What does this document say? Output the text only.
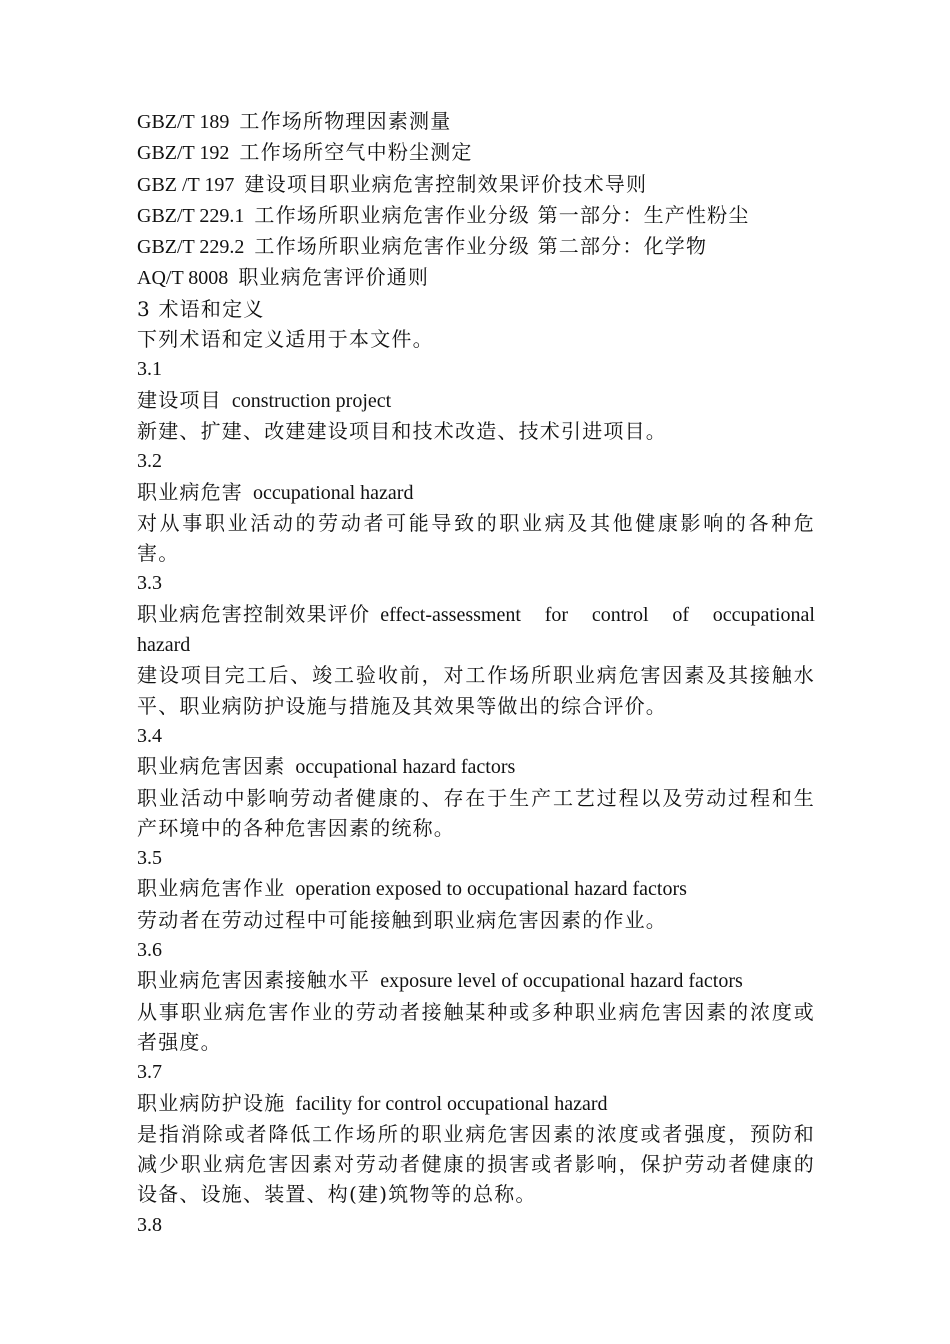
GBZ/T 189 工作场所物理因素测量

GBZ/T 192 工作场所空气中粉尘测定

GBZ /T 197 建设项目职业病危害控制效果评价技术导则

GBZ/T 229.1 工作场所职业病危害作业分级 第一部分：生产性粉尘

GBZ/T 229.2 工作场所职业病危害作业分级 第二部分：化学物

AQ/T 8008 职业病危害评价通则

3 术语和定义

下列术语和定义适用于本文件。

3.1

建设项目 construction project

新建、扩建、改建建设项目和技术改造、技术引进项目。

3.2

职业病危害 occupational hazard

对从事职业活动的劳动者可能导致的职业病及其他健康影响的各种危害。

3.3

职业病危害控制效果评价 effect-assessment for control of occupational

hazard

建设项目完工后、竣工验收前，对工作场所职业病危害因素及其接触水平、职业病防护设施与措施及其效果等做出的综合评价。

3.4

职业病危害因素 occupational hazard factors

职业活动中影响劳动者健康的、存在于生产工艺过程以及劳动过程和生产环境中的各种危害因素的统称。

3.5

职业病危害作业 operation exposed to occupational hazard factors

劳动者在劳动过程中可能接触到职业病危害因素的作业。

3.6

职业病危害因素接触水平 exposure level of occupational hazard factors

从事职业病危害作业的劳动者接触某种或多种职业病危害因素的浓度或者强度。

3.7

职业病防护设施 facility for control occupational hazard

是指消除或者降低工作场所的职业病危害因素的浓度或者强度，预防和减少职业病危害因素对劳动者健康的损害或者影响，保护劳动者健康的设备、设施、装置、构(建)筑物等的总称。

3.8
